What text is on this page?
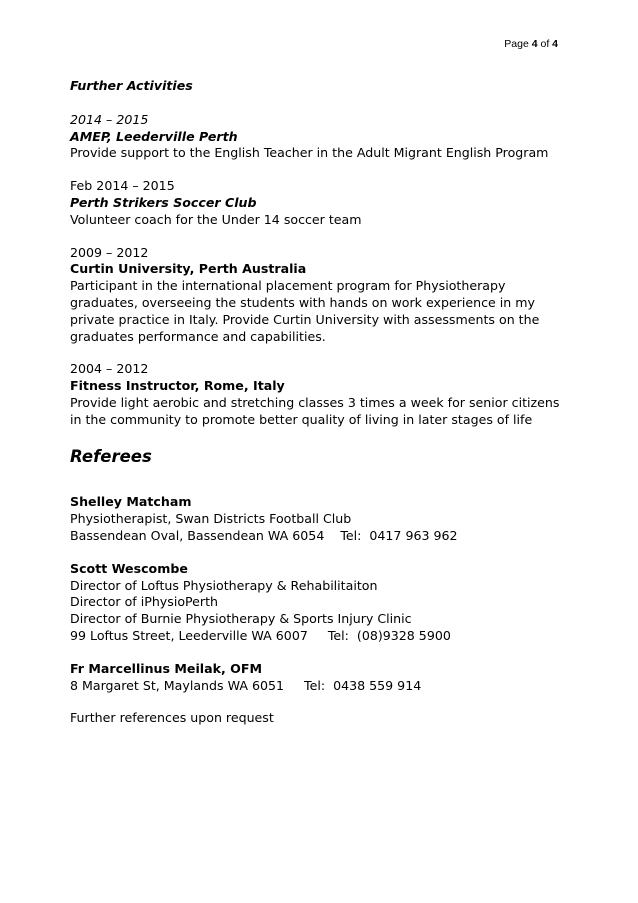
Page 4 of 4
Further Activities
2014 – 2015
AMEP, Leederville Perth
Provide support to the English Teacher in the Adult Migrant English Program
Feb 2014 – 2015
Perth Strikers Soccer Club
Volunteer coach for the Under 14 soccer team
2009 – 2012
Curtin University, Perth Australia
Participant in the international placement program for Physiotherapy graduates, overseeing the students with hands on work experience in my private practice in Italy. Provide Curtin University with assessments on the graduates performance and capabilities.
2004 – 2012
Fitness Instructor, Rome, Italy
Provide light aerobic and stretching classes 3 times a week for senior citizens in the community to promote better quality of living in later stages of life
Referees
Shelley Matcham
Physiotherapist, Swan Districts Football Club
Bassendean Oval, Bassendean WA 6054    Tel:  0417 963 962
Scott Wescombe
Director of Loftus Physiotherapy & Rehabilitaiton
Director of iPhysioPerth
Director of Burnie Physiotherapy & Sports Injury Clinic
99 Loftus Street, Leederville WA 6007     Tel:  (08)9328 5900
Fr Marcellinus Meilak, OFM
8 Margaret St, Maylands WA 6051     Tel:  0438 559 914
Further references upon request
